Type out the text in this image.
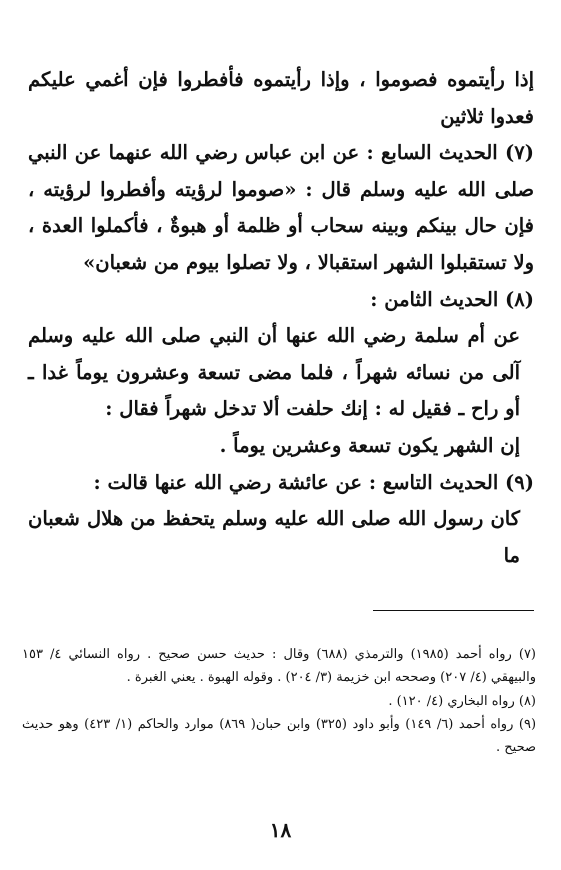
إذا رأيتموه فصوموا ، وإذا رأيتموه فأفطروا فإن أغمي عليكم فعدوا ثلاثين

(٧) الحديث السابع : عن ابن عباس رضي الله عنهما عن النبي صلى الله عليه وسلم قال : «صوموا لرؤيته وأفطروا لرؤيته ، فإن حال بينكم وبينه سحاب أو ظلمة أو هبوةٌ ، فأكملوا العدة ، ولا تستقبلوا الشهر استقبالا ، ولا تصلوا بيوم من شعبان»

(٨) الحديث الثامن :

عن أم سلمة رضي الله عنها أن النبي صلى الله عليه وسلم آلى من نسائه شهراً ، فلما مضى تسعة وعشرون يوماً غدا ـ أو راح ـ فقيل له : إنك حلفت ألا تدخل شهراً فقال :

إن الشهر يكون تسعة وعشرين يوماً .

(٩) الحديث التاسع : عن عائشة رضي الله عنها قالت :

كان رسول الله صلى الله عليه وسلم يتحفظ من هلال شعبان ما

(٧) رواه أحمد (١٩٨٥) والترمذي (٦٨٨) وقال : حديث حسن صحيح . رواه النسائي ٤/ ١٥٣ والبيهقي (٤/ ٢٠٧) وصححه ابن خزيمة (٣/ ٢٠٤) . وقوله الهبوة . يعني الغبرة .

(٨) رواه البخاري (٤/ ١٢٠) .

(٩) رواه أحمد (٦/ ١٤٩) وأبو داود (٣٢٥) وابن حبان( ٨٦٩) موارد والحاكم (١/ ٤٢٣) وهو حديث صحيح .

١٨
